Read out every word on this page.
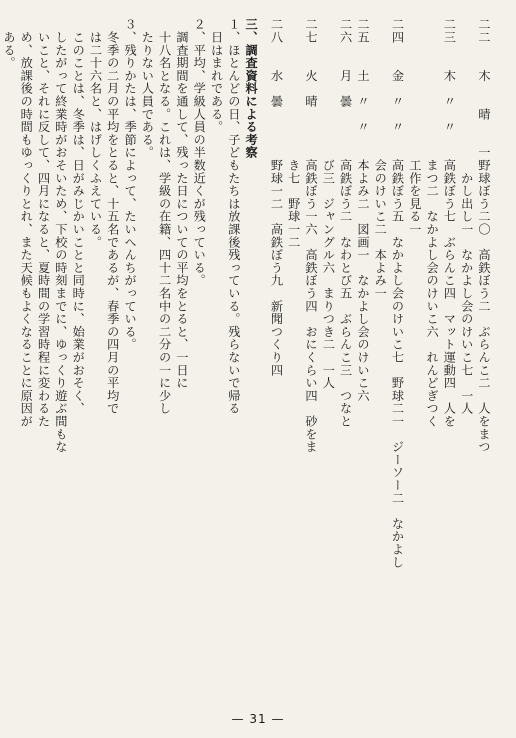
二二　　木　　晴　　一野球ぼう二〇　高鉄ぼう二　ぶらんこ二　人をまつ
　　　　　　　　　　　　かし出し一　なかよし会のけいこ七　一人
二三　　木　〃　〃　　高鉄ぼう七　ぶらんこ四　マット運動四　人を
　　　　　　　　　　　まつ二　なかよし会のけいこ六　れんどぎつく
　　　　　　　　　　　工作を見る一
二四　　金　〃　〃　　高鉄ぼう五　なかよし会のけいこ七　野球二一　ジーソー二　なかよし
　　　　　　　　　　　会のけいこ二　本よみ一
二五　　土　〃　〃　　本よみ二　図画一　なかよし会のけいこ六
二六　　月　曇　　　　高鉄ぼう二　なわとび五　ぶらんこ三　つなと
　　　　　　　　　　　び三　ジャングル六　まりつき二　一人
二七　　火　晴　　　　高鉄ぼう一六　高鉄ぼう四　おにくらい四　砂をま
　　　　　　　　　　　き七　野球一二
二八　　水　曇　　　　野球一二　高鉄ぼう九　新聞つくり四
三、調査資料による考察
１、ほとんどの日、子どもたちは放課後残っている。残らないで帰る
　日はまれである。
２、平均、学級人員の半数近くが残っている。
　調査期間を通して、残った日についての平均をとると、一日に
　十八名となる。これは、学級の在籍、四十二名中の二分の一に少し
　たりない人員である。
３、残りかたは、季節によって、たいへんちがっている。
　冬季の二月の平均をとると、十五名であるが、春季の四月の平均で
　は二十六名と、はげしくふえている。
　このことは、冬季は、日がみじかいことと同時に、始業がおそく、
　したがって終業時がおそいため、下校の時刻までに、ゆっくり遊ぶ間もな
　いこと、それに反して、四月になると、夏時間の学習時程に変わるた
　め、放課後の時間もゆっくりとれ、また天候もよくなることに原因が
　ある。
— 31 —
